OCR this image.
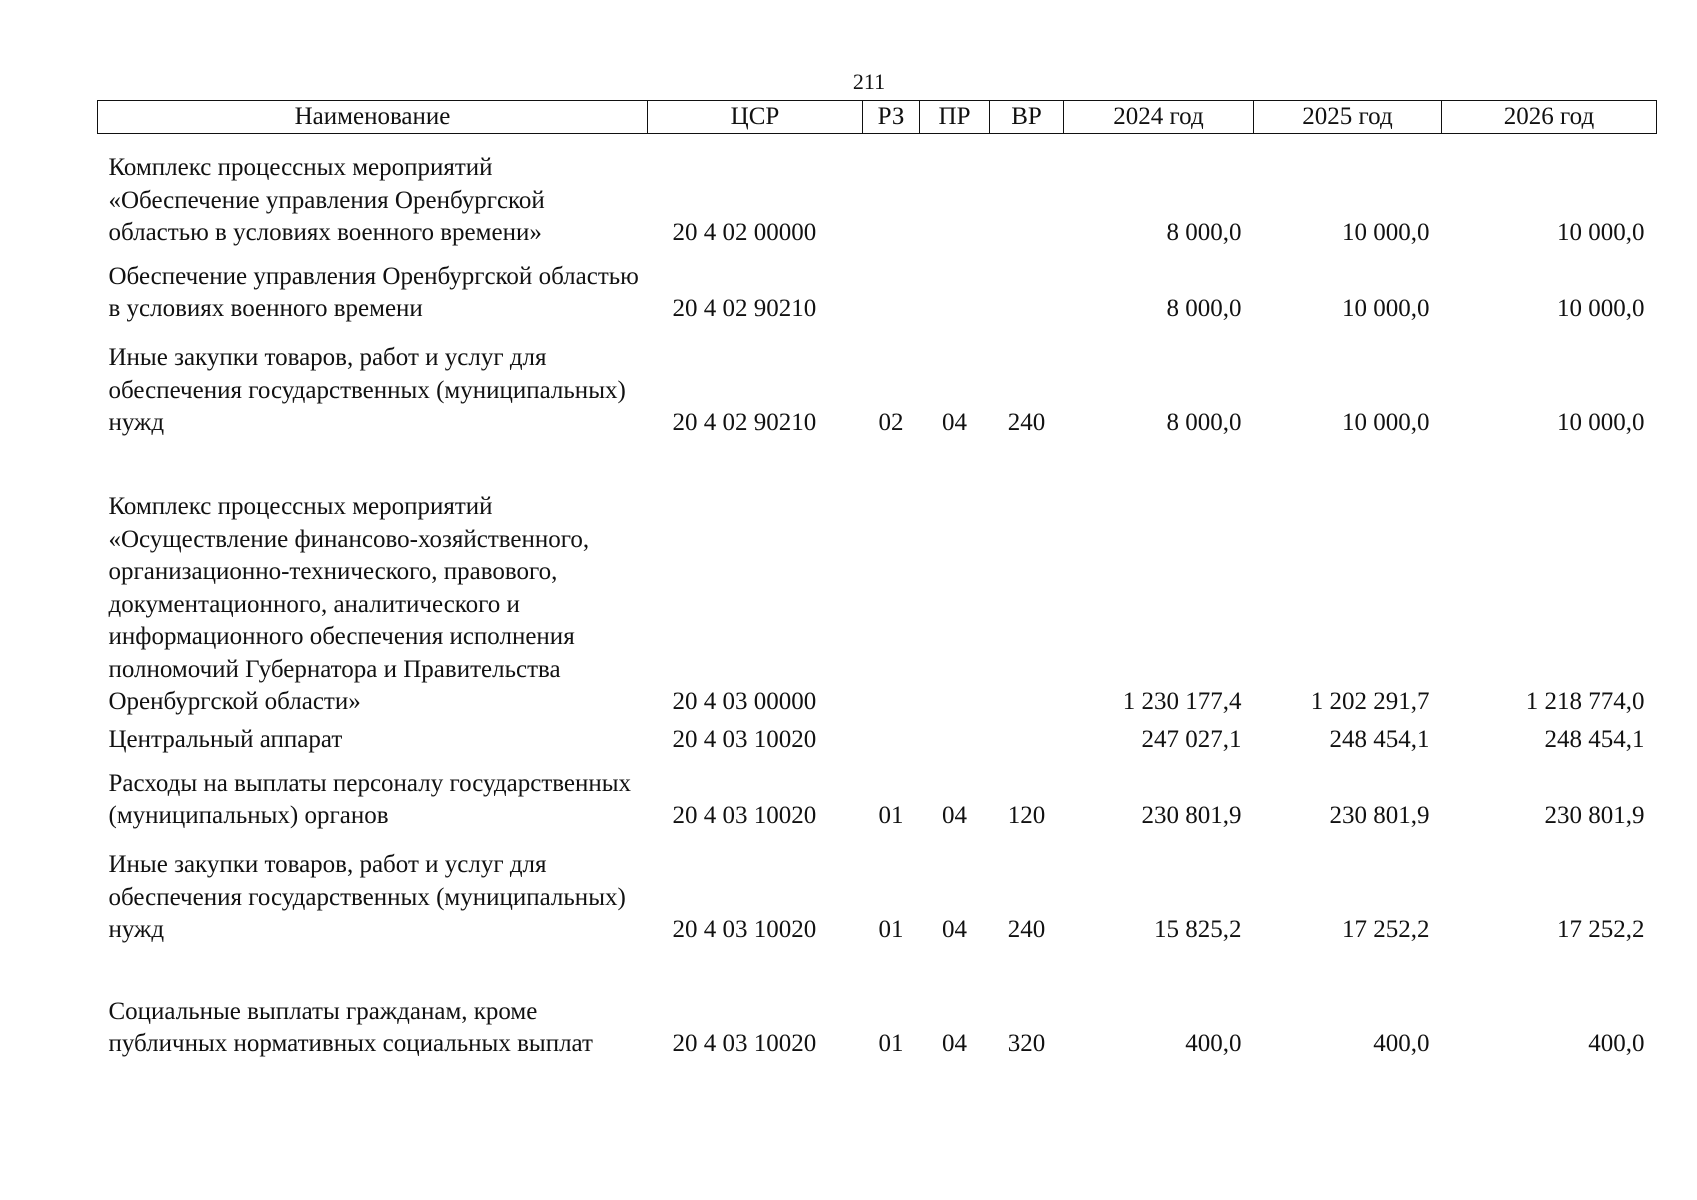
211
Наименование	ЦСР	РЗ	ПР	ВР	2024 год	2025 год	2026 год
Комплекс процессных мероприятий «Обеспечение управления Оренбургской областью в условиях военного времени»	20 4 02 00000				8 000,0	10 000,0	10 000,0
Обеспечение управления Оренбургской областью в условиях военного времени	20 4 02 90210				8 000,0	10 000,0	10 000,0
Иные закупки товаров, работ и услуг для обеспечения государственных (муниципальных) нужд	20 4 02 90210	02	04	240	8 000,0	10 000,0	10 000,0
Комплекс процессных мероприятий «Осуществление финансово-хозяйственного, организационно-технического, правового, документационного, аналитического и информационного обеспечения исполнения полномочий Губернатора и Правительства Оренбургской области»	20 4 03 00000				1 230 177,4	1 202 291,7	1 218 774,0
Центральный аппарат	20 4 03 10020				247 027,1	248 454,1	248 454,1
Расходы на выплаты персоналу государственных (муниципальных) органов	20 4 03 10020	01	04	120	230 801,9	230 801,9	230 801,9
Иные закупки товаров, работ и услуг для обеспечения государственных (муниципальных) нужд	20 4 03 10020	01	04	240	15 825,2	17 252,2	17 252,2
Социальные выплаты гражданам, кроме публичных нормативных социальных выплат	20 4 03 10020	01	04	320	400,0	400,0	400,0
